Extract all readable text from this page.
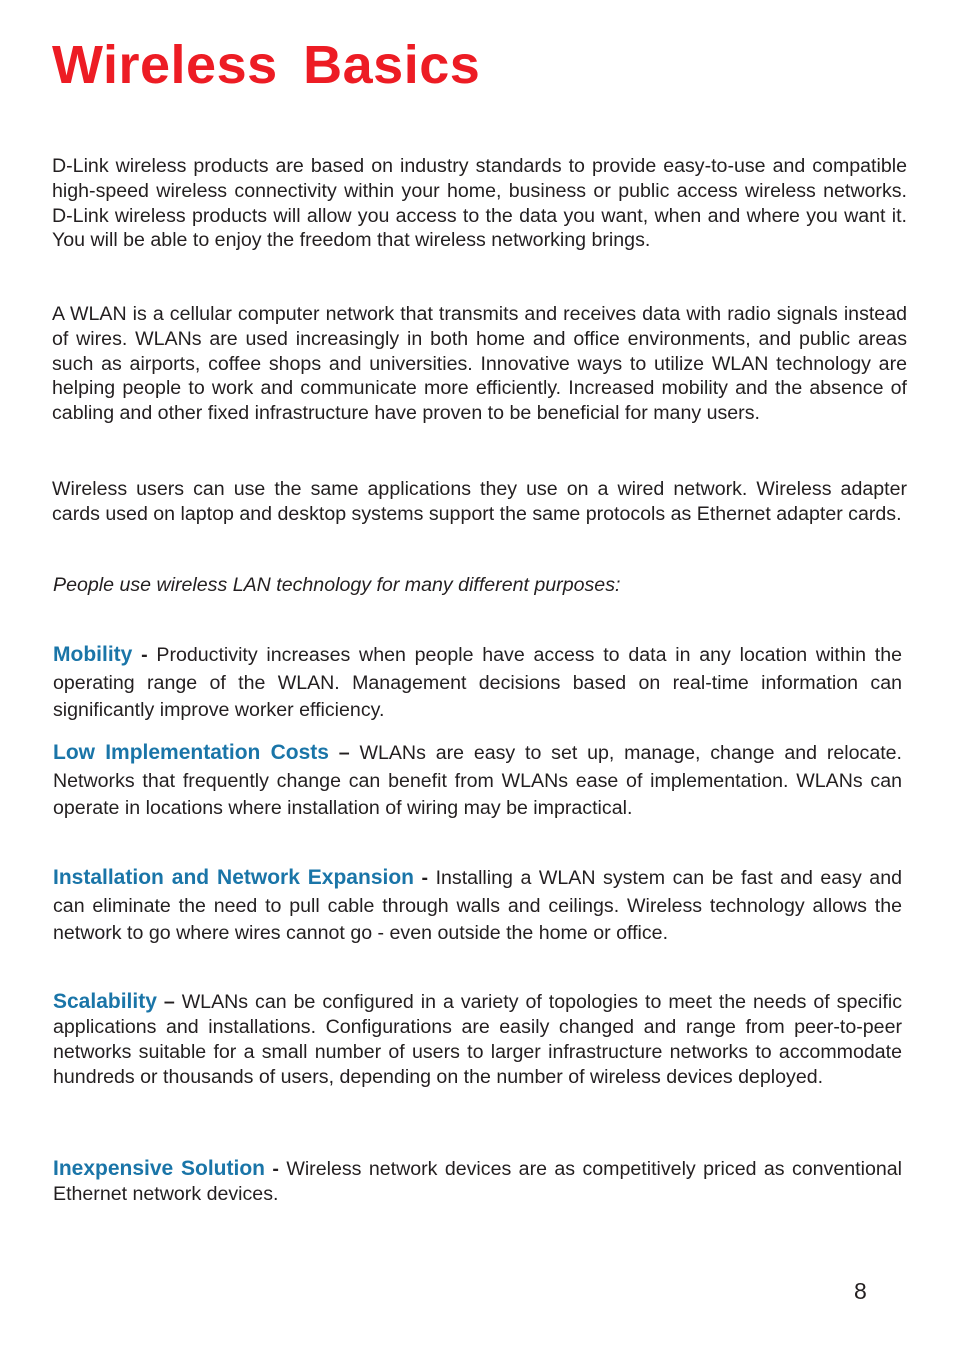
Wireless Basics

D-Link wireless products are based on industry standards to provide easy-to-use and compatible high-speed wireless connectivity within your home, business or public access wireless networks. D-Link wireless products will allow you access to the data you want, when and where you want it. You will be able to enjoy the freedom that wireless networking brings.

A WLAN is a cellular computer network that transmits and receives data with radio signals instead of wires. WLANs are used increasingly in both home and office environments, and public areas such as airports, coffee shops and universities. Innovative ways to utilize WLAN technology are helping people to work and communicate more efficiently. Increased mobility and the absence of cabling and other fixed infrastructure have proven to be beneficial for many users.

Wireless users can use the same applications they use on a wired network. Wireless adapter cards used on laptop and desktop systems support the same protocols as Ethernet adapter cards.

People use wireless LAN technology for many different purposes:

Mobility - Productivity increases when people have access to data in any location within the operating range of the WLAN. Management decisions based on real-time information can significantly improve worker efficiency.

Low Implementation Costs – WLANs are easy to set up, manage, change and relocate. Networks that frequently change can benefit from WLANs ease of implementation. WLANs can operate in locations where installation of wiring may be impractical.

Installation and Network Expansion - Installing a WLAN system can be fast and easy and can eliminate the need to pull cable through walls and ceilings. Wireless technology allows the network to go where wires cannot go - even outside the home or office.

Scalability – WLANs can be configured in a variety of topologies to meet the needs of specific applications and installations. Configurations are easily changed and range from peer-to-peer networks suitable for a small number of users to larger infrastructure networks to accommodate hundreds or thousands of users, depending on the number of wireless devices deployed.

Inexpensive Solution - Wireless network devices are as competitively priced as conventional Ethernet network devices.

8
